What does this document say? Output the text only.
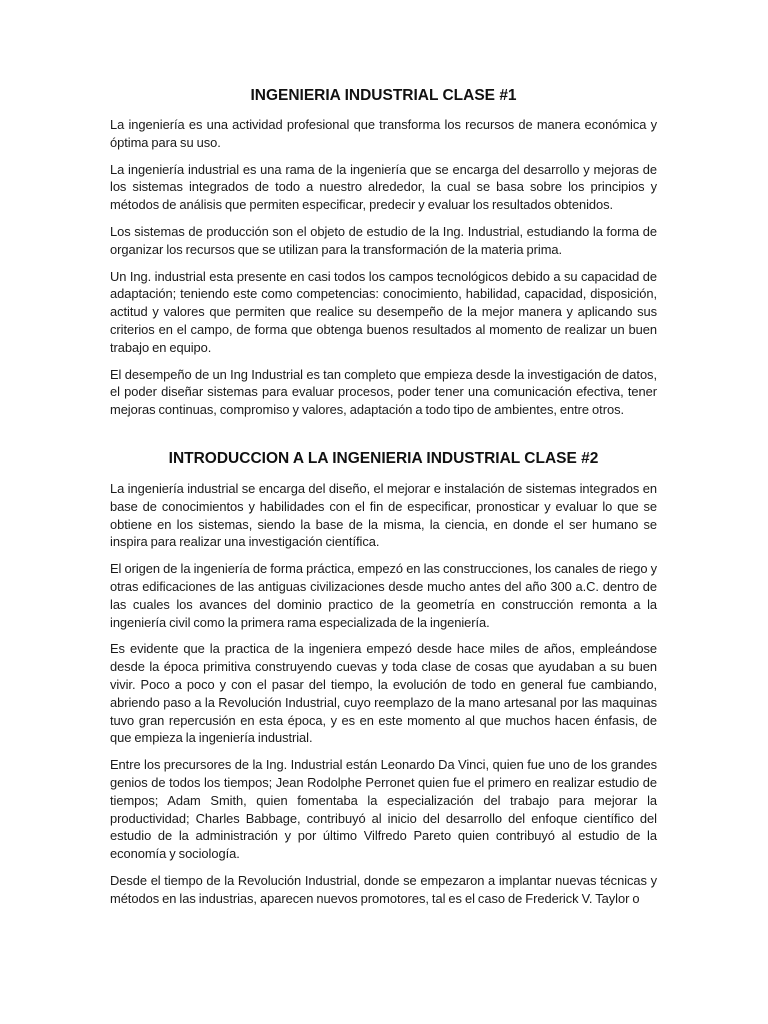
INGENIERIA INDUSTRIAL CLASE #1

La ingeniería es una actividad profesional que transforma los recursos de manera económica y óptima para su uso.

La ingeniería industrial es una rama de la ingeniería que se encarga del desarrollo y mejoras de los sistemas integrados de todo a nuestro alrededor, la cual se basa sobre los principios y métodos de análisis que permiten especificar, predecir y evaluar los resultados obtenidos.

Los sistemas de producción son el objeto de estudio de la Ing. Industrial, estudiando la forma de organizar los recursos que se utilizan para la transformación de la materia prima.

Un Ing. industrial esta presente en casi todos los campos tecnológicos debido a su capacidad de adaptación; teniendo este como competencias: conocimiento, habilidad, capacidad, disposición, actitud y valores que permiten que realice su desempeño de la mejor manera y aplicando sus criterios en el campo, de forma que obtenga buenos resultados al momento de realizar un buen trabajo en equipo.

El desempeño de un Ing Industrial es tan completo que empieza desde la investigación de datos, el poder diseñar sistemas para evaluar procesos, poder tener una comunicación efectiva, tener mejoras continuas, compromiso y valores, adaptación a todo tipo de ambientes, entre otros.

INTRODUCCION A LA INGENIERIA INDUSTRIAL CLASE #2

La ingeniería industrial se encarga del diseño, el mejorar e instalación de sistemas integrados en base de conocimientos y habilidades con el fin de especificar, pronosticar y evaluar lo que se obtiene en los sistemas, siendo la base de la misma, la ciencia, en donde el ser humano se inspira para realizar una investigación científica.

El origen de la ingeniería de forma práctica, empezó en las construcciones, los canales de riego y otras edificaciones de las antiguas civilizaciones desde mucho antes del año 300 a.C. dentro de las cuales los avances del dominio practico de la geometría en construcción remonta a la ingeniería civil como la primera rama especializada de la ingeniería.

Es evidente que la practica de la ingeniera empezó desde hace miles de años, empleándose desde la época primitiva construyendo cuevas y toda clase de cosas que ayudaban a su buen vivir. Poco a poco y con el pasar del tiempo, la evolución de todo en general fue cambiando, abriendo paso a la Revolución Industrial, cuyo reemplazo de la mano artesanal por las maquinas tuvo gran repercusión en esta época, y es en este momento al que muchos hacen énfasis, de que empieza la ingeniería industrial.

Entre los precursores de la Ing. Industrial están Leonardo Da Vinci, quien fue uno de los grandes genios de todos los tiempos; Jean Rodolphe Perronet quien fue el primero en realizar estudio de tiempos; Adam Smith, quien fomentaba la especialización del trabajo para mejorar la productividad; Charles Babbage, contribuyó al inicio del desarrollo del enfoque científico del estudio de la administración y por último Vilfredo Pareto quien contribuyó al estudio de la economía y sociología.

Desde el tiempo de la Revolución Industrial, donde se empezaron a implantar nuevas técnicas y métodos en las industrias, aparecen nuevos promotores, tal es el caso de Frederick V. Taylor o
